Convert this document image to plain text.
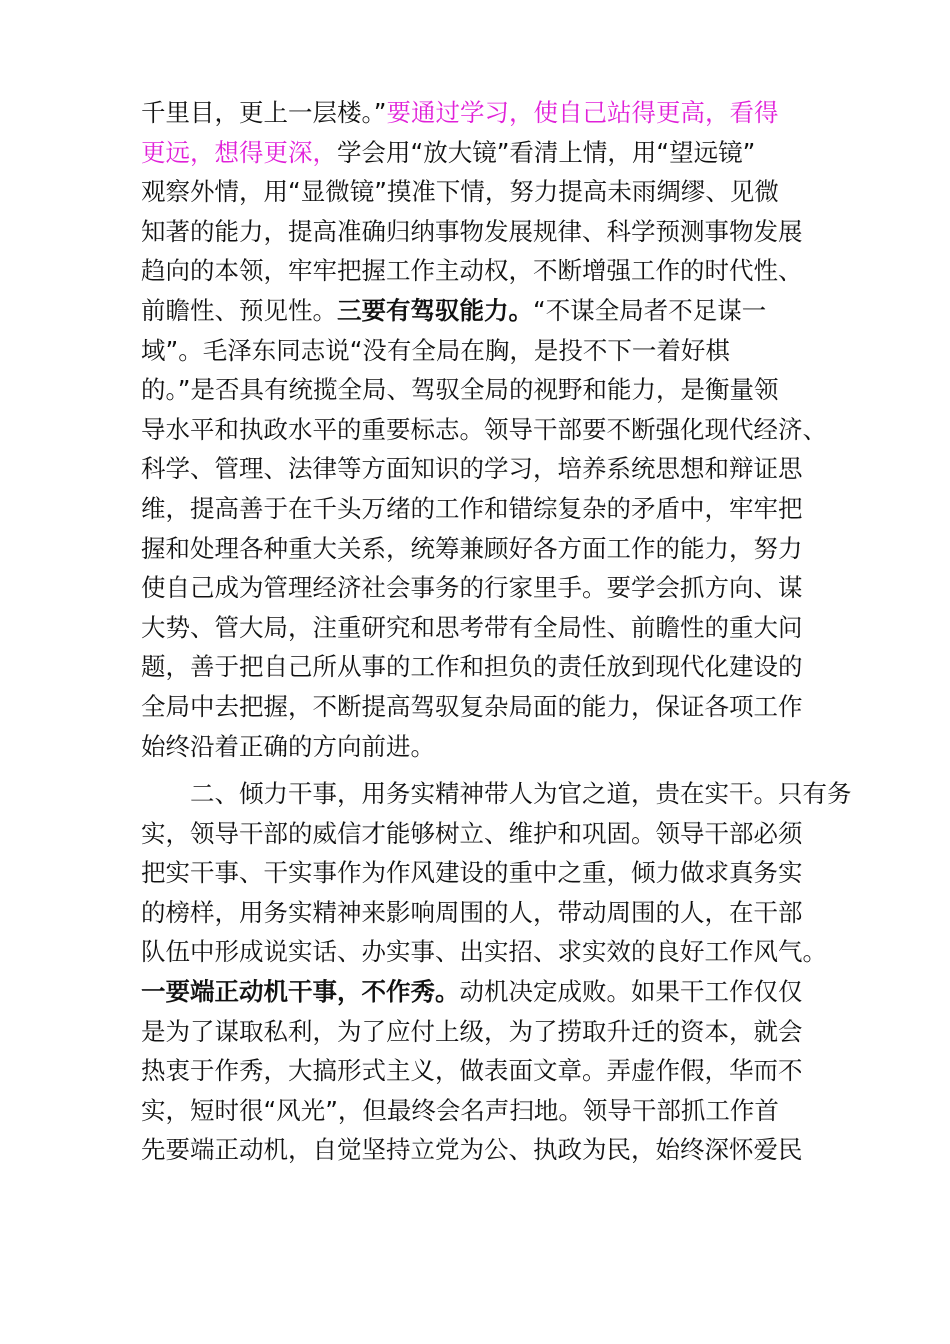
千里目，更上一层楼。”要通过学习，使自己站得更高，看得
更远，想得更深，学会用“放大镜”看清上情，用“望远镜”
观察外情，用“显微镜”摸准下情，努力提高未雨绸缪、见微
知著的能力，提高准确归纳事物发展规律、科学预测事物发展
趋向的本领，牢牢把握工作主动权，不断增强工作的时代性、
前瞻性、预见性。三要有驾驭能力。“不谋全局者不足谋一
域”。毛泽东同志说“没有全局在胸，是投不下一着好棋
的。”是否具有统揽全局、驾驭全局的视野和能力，是衡量领
导水平和执政水平的重要标志。领导干部要不断强化现代经济、
科学、管理、法律等方面知识的学习，培养系统思想和辩证思
维，提高善于在千头万绪的工作和错综复杂的矛盾中，牢牢把
握和处理各种重大关系，统筹兼顾好各方面工作的能力，努力
使自己成为管理经济社会事务的行家里手。要学会抓方向、谋
大势、管大局，注重研究和思考带有全局性、前瞻性的重大问
题，善于把自己所从事的工作和担负的责任放到现代化建设的
全局中去把握，不断提高驾驭复杂局面的能力，保证各项工作
始终沿着正确的方向前进。
二、倾力干事，用务实精神带人为官之道，贵在实干。只有务
实，领导干部的威信才能够树立、维护和巩固。领导干部必须
把实干事、干实事作为作风建设的重中之重，倾力做求真务实
的榜样，用务实精神来影响周围的人，带动周围的人，在干部
队伍中形成说实话、办实事、出实招、求实效的良好工作风气。
一要端正动机干事，不作秀。动机决定成败。如果干工作仅仅
是为了谋取私利，为了应付上级，为了捞取升迁的资本，就会
热衷于作秀，大搞形式主义，做表面文章。弄虚作假，华而不
实，短时很“风光”，但最终会名声扫地。领导干部抓工作首
先要端正动机，自觉坚持立党为公、执政为民，始终深怀爱民
